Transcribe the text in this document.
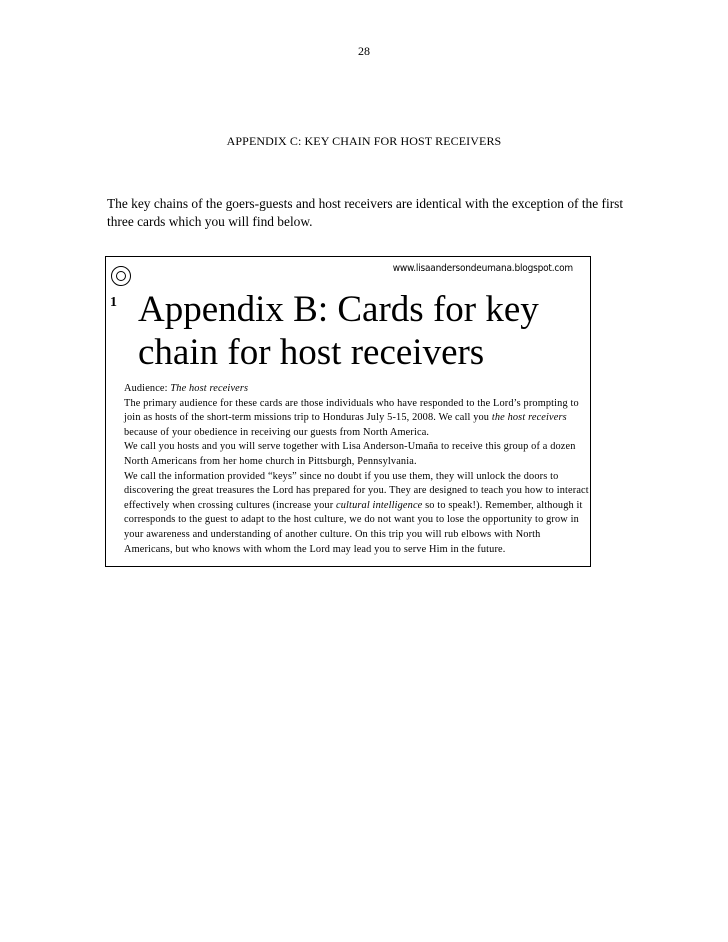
28
APPENDIX C: KEY CHAIN FOR HOST RECEIVERS
The key chains of the goers-guests and host receivers are identical with the exception of the first three cards which you will find below.
www.lisaandersondeumana.blogspot.com
1 Appendix B: Cards for key chain for host receivers

Audience: The host receivers

The primary audience for these cards are those individuals who have responded to the Lord’s prompting to join as hosts of the short-term missions trip to Honduras July 5-15, 2008. We call you the host receivers because of your obedience in receiving our guests from North America.

We call you hosts and you will serve together with Lisa Anderson-Umaña to receive this group of a dozen North Americans from her home church in Pittsburgh, Pennsylvania.

We call the information provided “keys” since no doubt if you use them, they will unlock the doors to discovering the great treasures the Lord has prepared for you. They are designed to teach you how to interact effectively when crossing cultures (increase your cultural intelligence so to speak!). Remember, although it corresponds to the guest to adapt to the host culture, we do not want you to lose the opportunity to grow in your awareness and understanding of another culture. On this trip you will rub elbows with North Americans, but who knows with whom the Lord may lead you to serve Him in the future.
